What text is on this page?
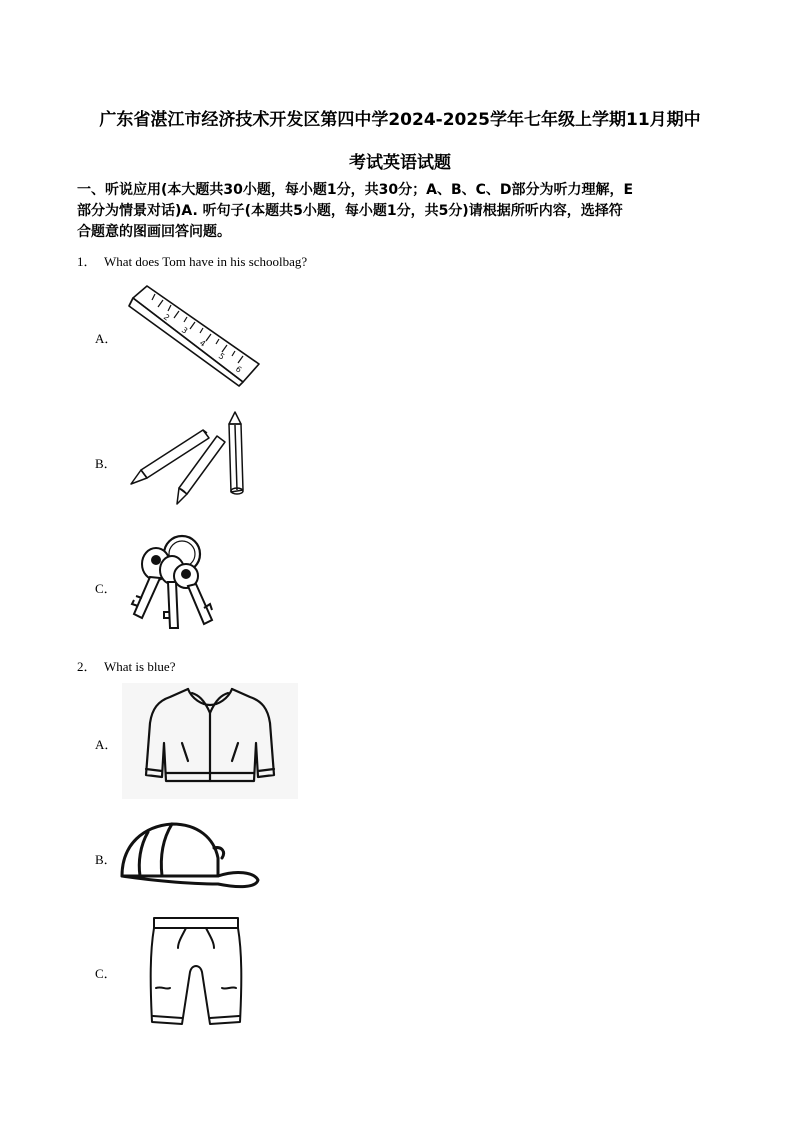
广东省湛江市经济技术开发区第四中学2024-2025学年七年级上学期11月期中
考试英语试题
一、听说应用(本大题共30小题，每小题1分，共30分；A、B、C、D部分为听力理解，E
部分为情景对话)A. 听句子(本题共5小题，每小题1分，共5分)请根据所听内容，选择符
合题意的图画回答问题。
1． What does Tom have in his schoolbag?
A．
2
3
4
5
6
B．
C．
2． What is blue?
A．
B．
C．
